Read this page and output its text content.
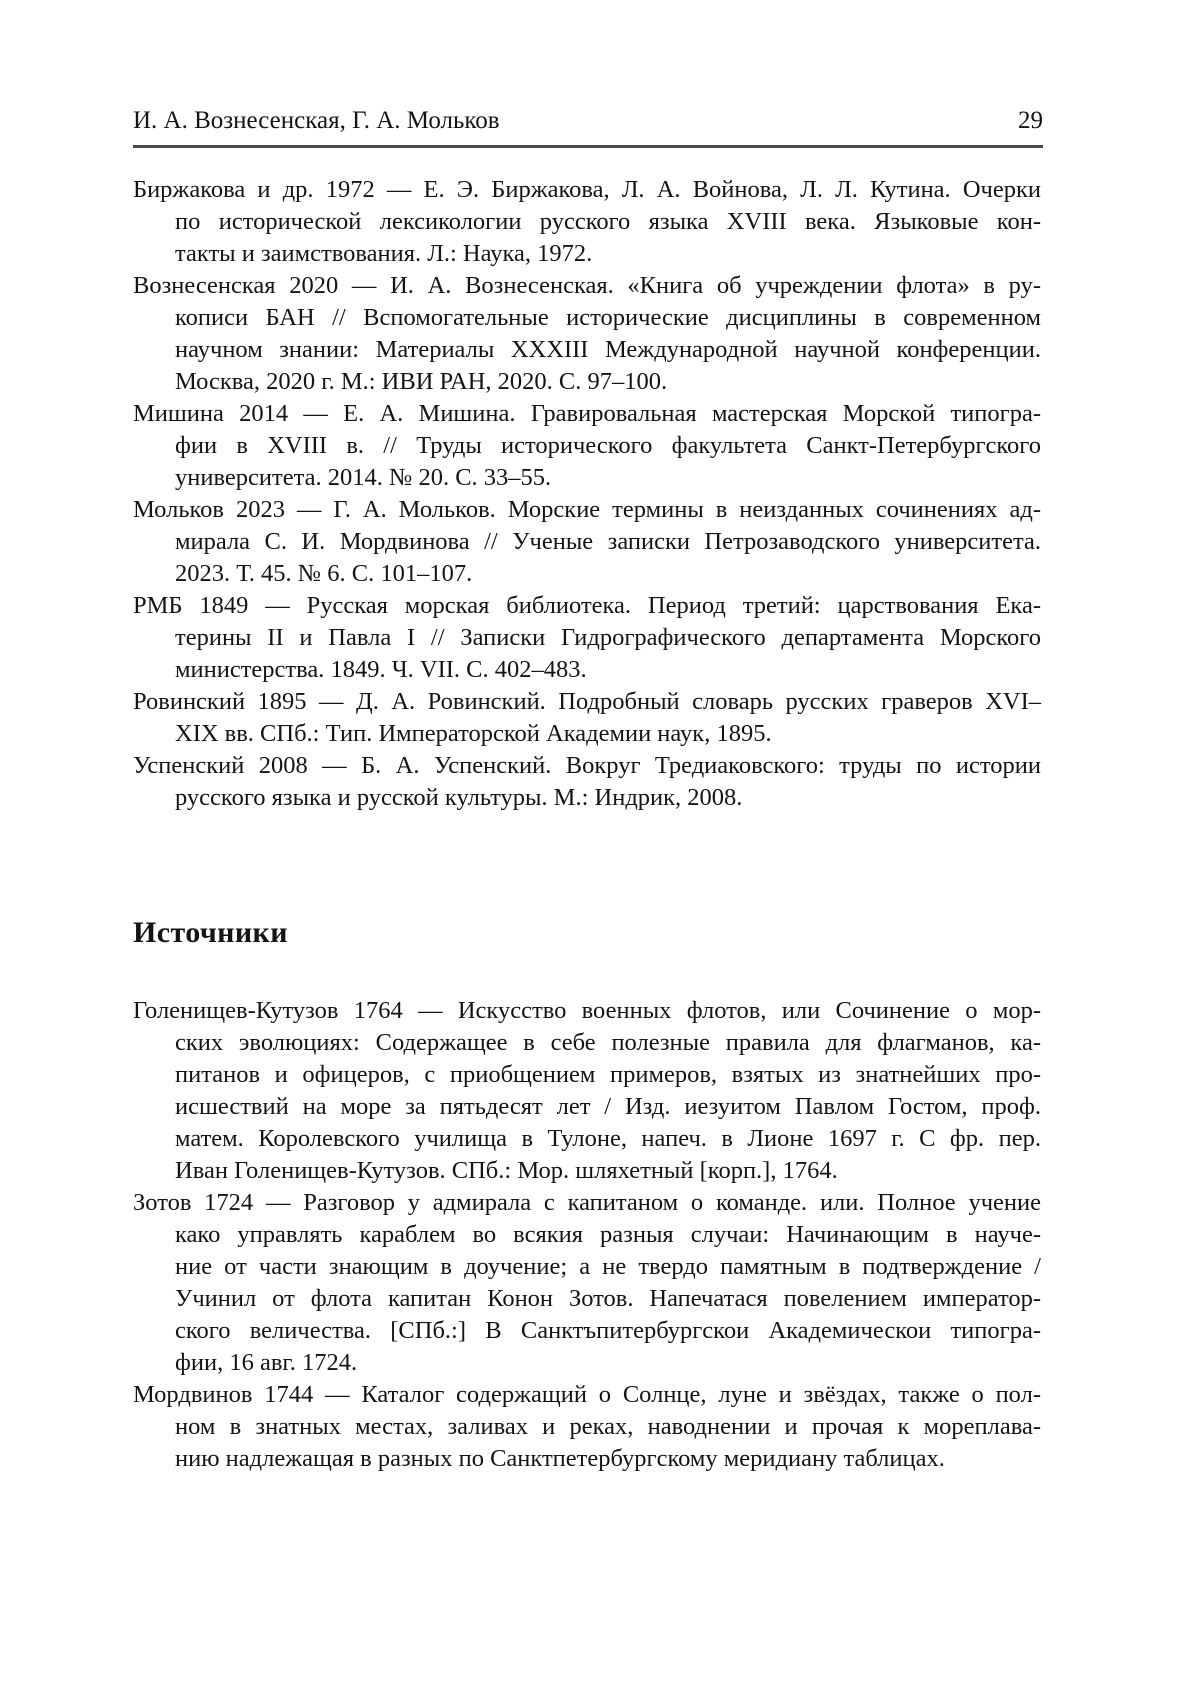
И. А. Вознесенская, Г. А. Мольков	29
Биржакова и др. 1972 — Е. Э. Биржакова, Л. А. Войнова, Л. Л. Кутина. Очерки
по исторической лексикологии русского языка XVIII века. Языковые кон-
такты и заимствования. Л.: Наука, 1972.
Вознесенская 2020 — И. А. Вознесенская. «Книга об учреждении флота» в ру-
кописи БАН // Вспомогательные исторические дисциплины в современном
научном знании: Материалы XXXIII Международной научной конференции.
Москва, 2020 г. М.: ИВИ РАН, 2020. С. 97–100.
Мишина 2014 — Е. А. Мишина. Гравировальная мастерская Морской типогра-
фии в XVIII в. // Труды исторического факультета Санкт-Петербургского
университета. 2014. № 20. С. 33–55.
Мольков 2023 — Г. А. Мольков. Морские термины в неизданных сочинениях ад-
мирала С. И. Мордвинова // Ученые записки Петрозаводского университета.
2023. Т. 45. № 6. С. 101–107.
РМБ 1849 — Русская морская библиотека. Период третий: царствования Ека-
терины II и Павла I // Записки Гидрографического департамента Морского
министерства. 1849. Ч. VII. С. 402–483.
Ровинский 1895 — Д. А. Ровинский. Подробный словарь русских граверов XVI–
XIX вв. СПб.: Тип. Императорской Академии наук, 1895.
Успенский 2008 — Б. А. Успенский. Вокруг Тредиаковского: труды по истории
русского языка и русской культуры. М.: Индрик, 2008.
Источники
Голенищев-Кутузов 1764 — Искусство военных флотов, или Сочинение о мор-
ских эволюциях: Содержащее в себе полезные правила для флагманов, ка-
питанов и офицеров, с приобщением примеров, взятых из знатнейших про-
исшествий на море за пятьдесят лет / Изд. иезуитом Павлом Гостом, проф.
матем. Королевского училища в Тулоне, напеч. в Лионе 1697 г. С фр. пер.
Иван Голенищев-Кутузов. СПб.: Мор. шляхетный [корп.], 1764.
Зотов 1724 — Разговор у адмирала с капитаном о команде. или. Полное учение
како управлять караблем во всякия разныя случаи: Начинающим в науче-
ние от части знающим в доучение; а не твердо памятным в подтверждение /
Учинил от флота капитан Конон Зотов. Напечатася повелением император-
ского величества. [СПб.:] В Санктъпитербургскои Академическои типогра-
фии, 16 авг. 1724.
Мордвинов 1744 — Каталог содержащий о Солнце, луне и звёздах, также о пол-
ном в знатных местах, заливах и реках, наводнении и прочая к мореплава-
нию надлежащая в разных по Санктпетербургскому меридиану таблицах.
